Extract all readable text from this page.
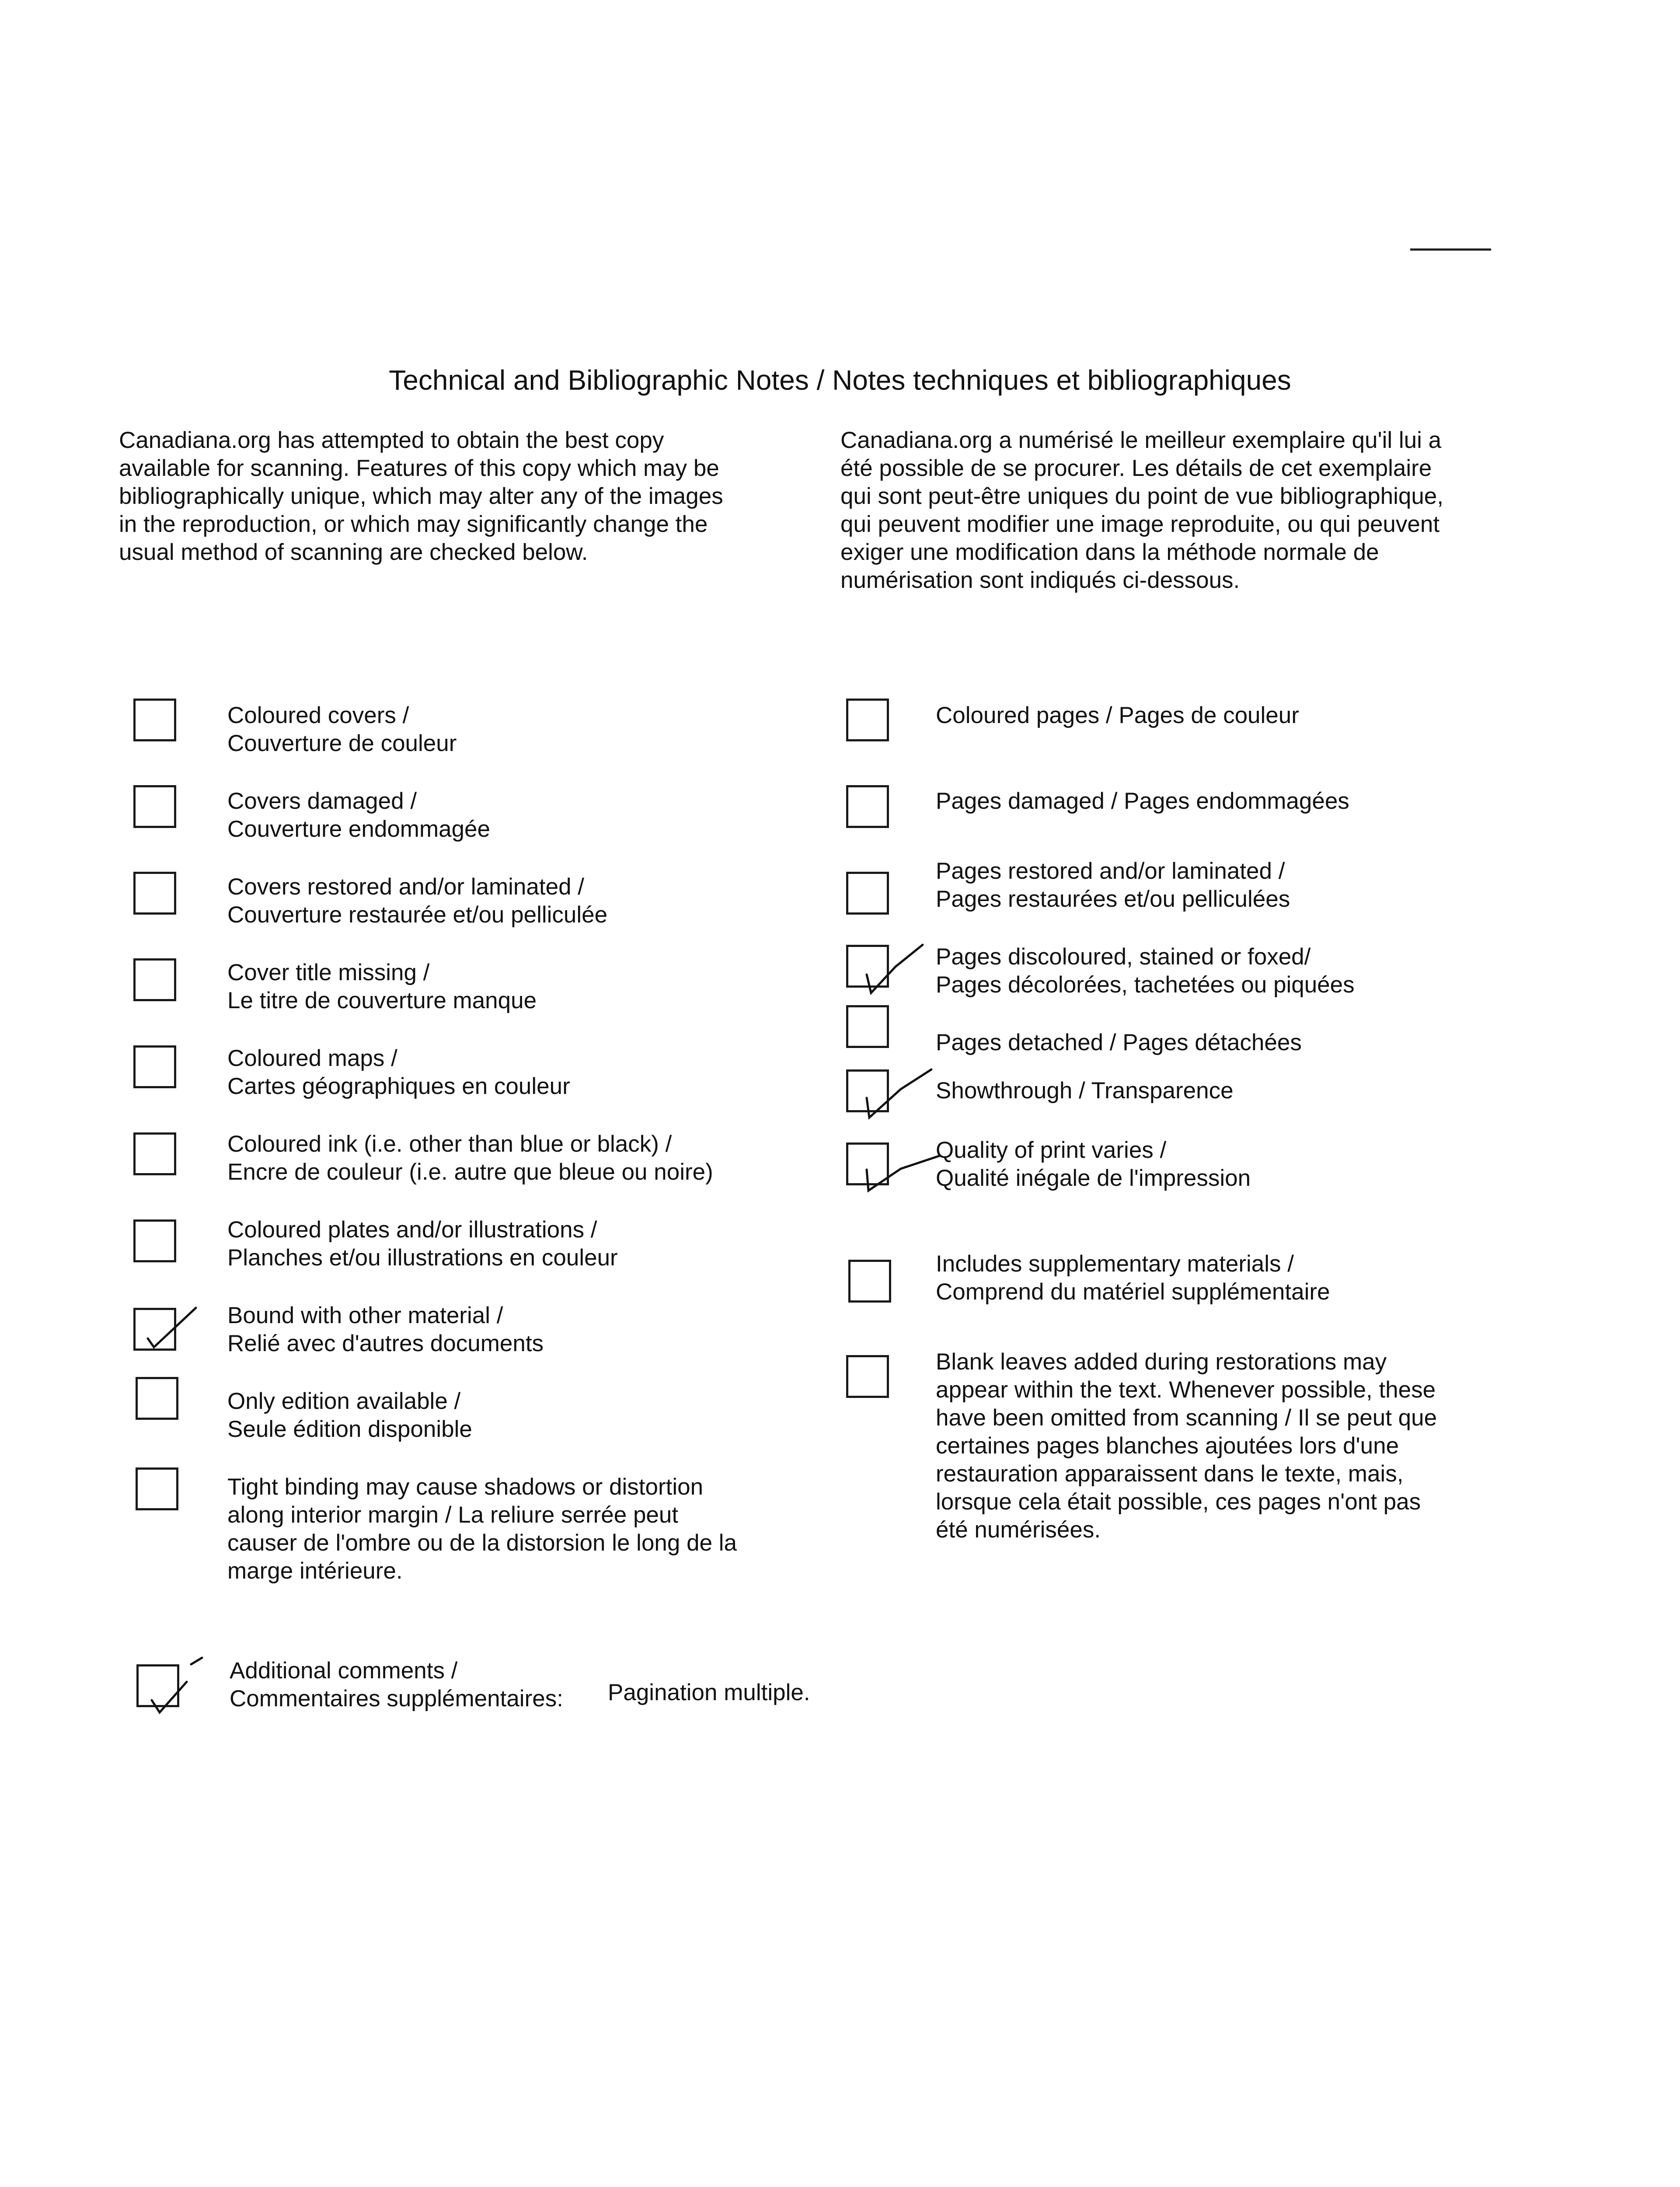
Technical and Bibliographic Notes / Notes techniques et bibliographiques
Canadiana.org has attempted to obtain the best copy
available for scanning. Features of this copy which may be
bibliographically unique, which may alter any of the images
in the reproduction, or which may significantly change the
usual method of scanning are checked below.
Canadiana.org a numérisé le meilleur exemplaire qu'il lui a
été possible de se procurer. Les détails de cet exemplaire
qui sont peut-être uniques du point de vue bibliographique,
qui peuvent modifier une image reproduite, ou qui peuvent
exiger une modification dans la méthode normale de
numérisation sont indiqués ci-dessous.
Coloured covers /
Couverture de couleur
Covers damaged /
Couverture endommagée
Covers restored and/or laminated /
Couverture restaurée et/ou pelliculée
Cover title missing /
Le titre de couverture manque
Coloured maps /
Cartes géographiques en couleur
Coloured ink (i.e. other than blue or black) /
Encre de couleur (i.e. autre que bleue ou noire)
Coloured plates and/or illustrations /
Planches et/ou illustrations en couleur
Bound with other material /
Relié avec d'autres documents
Only edition available /
Seule édition disponible
Tight binding may cause shadows or distortion
along interior margin / La reliure serrée peut
causer de l'ombre ou de la distorsion le long de la
marge intérieure.
Coloured pages / Pages de couleur
Pages damaged / Pages endommagées
Pages restored and/or laminated /
Pages restaurées et/ou pelliculées
Pages discoloured, stained or foxed/
Pages décolorées, tachetées ou piquées
Pages detached / Pages détachées
Showthrough / Transparence
Quality of print varies /
Qualité inégale de l'impression
Includes supplementary materials /
Comprend du matériel supplémentaire
Blank leaves added during restorations may
appear within the text. Whenever possible, these
have been omitted from scanning / Il se peut que
certaines pages blanches ajoutées lors d'une
restauration apparaissent dans le texte, mais,
lorsque cela était possible, ces pages n'ont pas
été numérisées.
Additional comments /
Commentaires supplémentaires: Pagination multiple.
